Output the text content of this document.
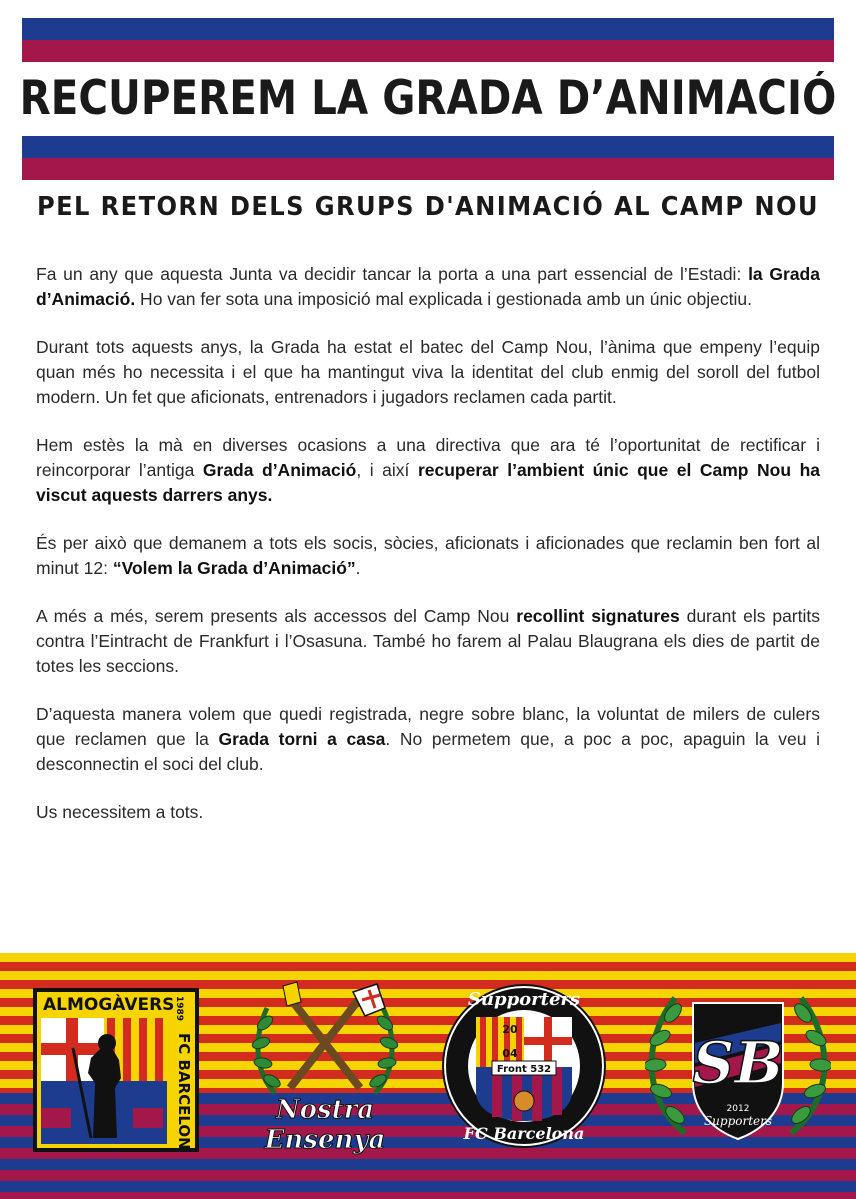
RECUPEREM LA GRADA D’ANIMACIÓ
PEL RETORN DELS GRUPS D'ANIMACIÓ AL CAMP NOU

Fa un any que aquesta Junta va decidir tancar la porta a una part essencial de l’Estadi: la Grada d’Animació. Ho van fer sota una imposició mal explicada i gestionada amb un únic objectiu.

Durant tots aquests anys, la Grada ha estat el batec del Camp Nou, l’ànima que empeny l’equip quan més ho necessita i el que ha mantingut viva la identitat del club enmig del soroll del futbol modern. Un fet que aficionats, entrenadors i jugadors reclamen cada partit.

Hem estès la mà en diverses ocasions a una directiva que ara té l’oportunitat de rectificar i reincorporar l’antiga Grada d’Animació, i així recuperar l’ambient únic que el Camp Nou ha viscut aquests darrers anys.

És per això que demanem a tots els socis, sòcies, aficionats i aficionades que reclamin ben fort al minut 12: “Volem la Grada d’Animació”.

A més a més, serem presents als accessos del Camp Nou recollint signatures durant els partits contra l’Eintracht de Frankfurt i l’Osasuna. També ho farem al Palau Blaugrana els dies de partit de totes les seccions.

D’aquesta manera volem que quedi registrada, negre sobre blanc, la voluntat de milers de culers que reclamen que la Grada torni a casa. No permetem que, a poc a poc, apaguin la veu i desconnectin el soci del club.

Us necessitem a tots.

ALMOGÀVERS 1989
FC BARCELONA	Nostra
Ensenya
Front 532
20
04
Supporters
FC Barcelona
SB
2012
Supporters
